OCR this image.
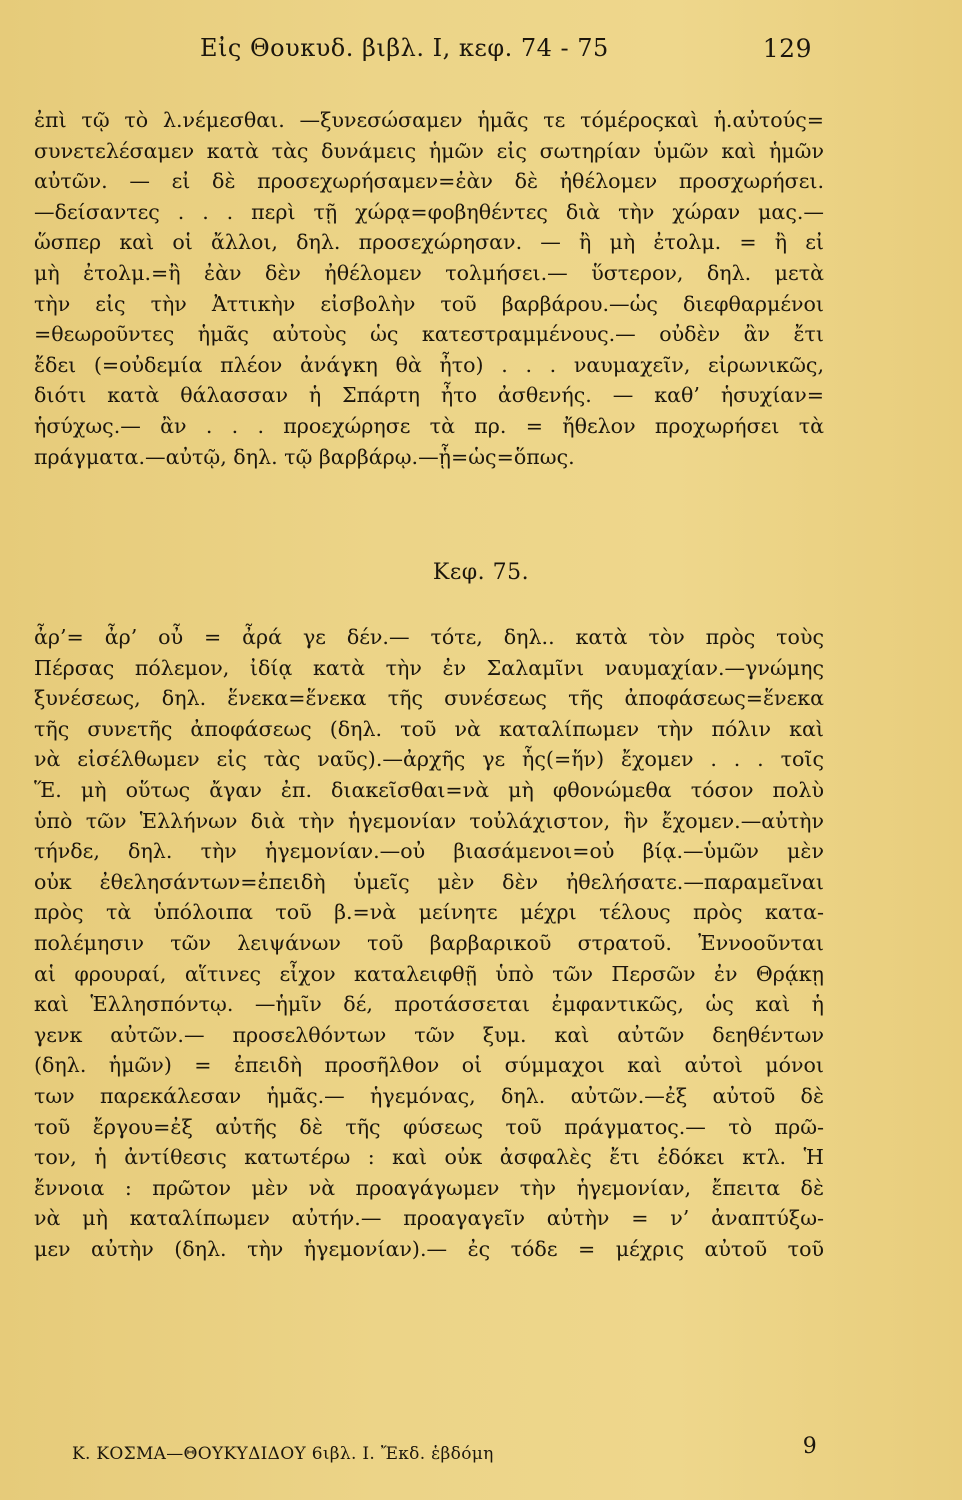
Εἰς Θουκυδ. βιβλ. Ι, κεφ. 74 - 75	129
ἐπὶ τῷ τὸ λ.νέμεσθαι. —ξυνεσώσαμεν ἡμᾶς τε τόμέροςκαὶ ἡ.αὐτούς=
συνετελέσαμεν κατὰ τὰς δυνάμεις ἡμῶν εἰς σωτηρίαν ὑμῶν καὶ ἡμῶν
αὐτῶν. — εἰ δὲ προσεχωρήσαμεν=ἐὰν δὲ ἠθέλομεν προσχωρήσει.
—δείσαντες . . . περὶ τῇ χώρᾳ=φοβηθέντες διὰ τὴν χώραν μας.—
ὥσπερ καὶ οἱ ἄλλοι, δηλ. προσεχώρησαν. — ἢ μὴ ἐτολμ. = ἢ εἰ
μὴ ἐτολμ.=ἢ ἐὰν δὲν ἠθέλομεν τολμήσει.— ὕστερον, δηλ. μετὰ
τὴν εἰς τὴν Ἀττικὴν εἰσβολὴν τοῦ βαρβάρου.—ὡς διεφθαρμένοι
=θεωροῦντες ἡμᾶς αὐτοὺς ὡς κατεστραμμένους.— οὐδὲν ἂν ἔτι
ἔδει (=οὐδεμία πλέον ἀνάγκη θὰ ἦτο) . . . ναυμαχεῖν, εἰρωνικῶς,
διότι κατὰ θάλασσαν ἡ Σπάρτη ἦτο ἀσθενής. — καθ’ ἡσυχίαν=
ἡσύχως.— ἂν . . . προεχώρησε τὰ πρ. = ἤθελον προχωρήσει τὰ
πράγματα.—αὐτῷ, δηλ. τῷ βαρβάρῳ.—ᾗ=ὡς=ὅπως.
Κεφ. 75.
ἆρ’= ἆρ’ οὖ = ἆρά γε δέν.— τότε, δηλ.. κατὰ τὸν πρὸς τοὺς
Πέρσας πόλεμον, ἰδίᾳ κατὰ τὴν ἐν Σαλαμῖνι ναυμαχίαν.—γνώμης
ξυνέσεως, δηλ. ἕνεκα=ἕνεκα τῆς συνέσεως τῆς ἀποφάσεως=ἕνεκα
τῆς συνετῆς ἀποφάσεως (δηλ. τοῦ νὰ καταλίπωμεν τὴν πόλιν καὶ
νὰ εἰσέλθωμεν εἰς τὰς ναῦς).—ἀρχῆς γε ἧς(=ἥν) ἔχομεν . . . τοῖς
Ἕ. μὴ οὕτως ἄγαν ἐπ. διακεῖσθαι=νὰ μὴ φθονώμεθα τόσον πολὺ
ὑπὸ τῶν Ἑλλήνων διὰ τὴν ἡγεμονίαν τοὐλάχιστον, ἣν ἔχομεν.—αὐτὴν
τήνδε, δηλ. τὴν ἡγεμονίαν.—οὐ βιασάμενοι=οὐ βίᾳ.—ὑμῶν μὲν
οὐκ ἐθελησάντων=ἐπειδὴ ὑμεῖς μὲν δὲν ἠθελήσατε.—παραμεῖναι
πρὸς τὰ ὑπόλοιπα τοῦ β.=νὰ μείνητε μέχρι τέλους πρὸς κατα-
πολέμησιν τῶν λειψάνων τοῦ βαρβαρικοῦ στρατοῦ. Ἐννοοῦνται
αἱ φρουραί, αἵτινες εἶχον καταλειφθῇ ὑπὸ τῶν Περσῶν ἐν Θρᾴκῃ
καὶ Ἑλλησπόντῳ. —ἡμῖν δέ, προτάσσεται ἐμφαντικῶς, ὡς καὶ ἡ
γενκ αὐτῶν.— προσελθόντων τῶν ξυμ. καὶ αὐτῶν δεηθέντων
(δηλ. ἡμῶν) = ἐπειδὴ προσῆλθον οἱ σύμμαχοι καὶ αὐτοὶ μόνοι
των παρεκάλεσαν ἡμᾶς.— ἡγεμόνας, δηλ. αὐτῶν.—ἐξ αὐτοῦ δὲ
τοῦ ἔργου=ἐξ αὐτῆς δὲ τῆς φύσεως τοῦ πράγματος.— τὸ πρῶ-
τον, ἡ ἀντίθεσις κατωτέρω : καὶ οὐκ ἀσφαλὲς ἔτι ἐδόκει κτλ. Ἡ
ἔννοια : πρῶτον μὲν νὰ προαγάγωμεν τὴν ἡγεμονίαν, ἔπειτα δὲ
νὰ μὴ καταλίπωμεν αὐτήν.— προαγαγεῖν αὐτὴν = ν’ ἀναπτύξω-
μεν αὐτὴν (δηλ. τὴν ἡγεμονίαν).— ἐς τόδε = μέχρις αὐτοῦ τοῦ
Κ. ΚΟΣΜΑ—ΘΟΥΚΥΔΙΔΟΥ 6ιβλ. Ι. Ἔκδ. ἑβδόμη	9
